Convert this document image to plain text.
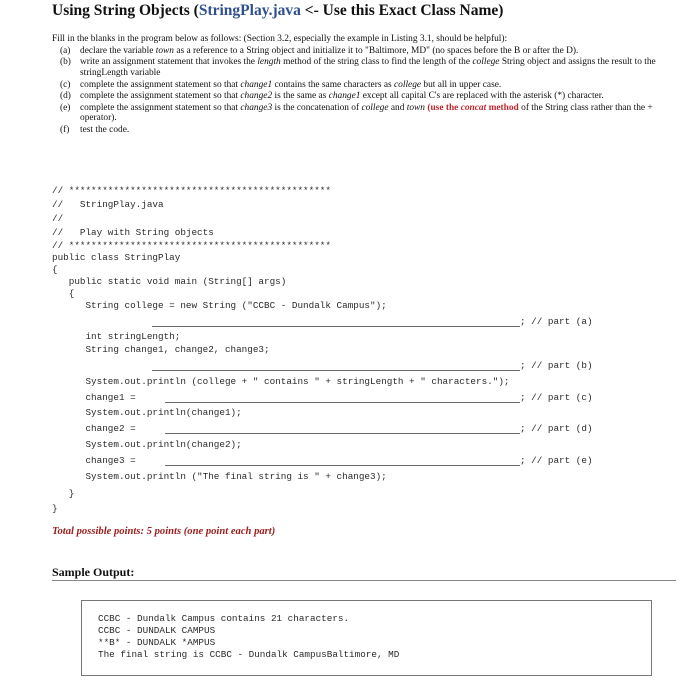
Using String Objects (StringPlay.java <- Use this Exact Class Name)
Fill in the blanks in the program below as follows: (Section 3.2, especially the example in Listing 3.1, should be helpful):
(a) declare the variable town as a reference to a String object and initialize it to "Baltimore, MD" (no spaces before the B or after the D).
(b) write an assignment statement that invokes the length method of the string class to find the length of the college String object and assigns the result to the stringLength variable
(c) complete the assignment statement so that change1 contains the same characters as college but all in upper case.
(d) complete the assignment statement so that change2 is the same as change1 except all capital C's are replaced with the asterisk (*) character.
(e) complete the assignment statement so that change3 is the concatenation of college and town (use the concat method of the String class rather than the + operator).
(f) test the code.
// ***********************************************
//   StringPlay.java
//
//   Play with String objects
// ***********************************************
public class StringPlay
{
public static void main (String[] args)
{
String college = new String ("CCBC - Dundalk Campus");
; // part (a)
int stringLength;
String change1, change2, change3;
; // part (b)
System.out.println (college + " contains " + stringLength + " characters.");
change1 =	; // part (c)
System.out.println(change1);
change2 =	; // part (d)
System.out.println(change2);
change3 =	; // part (e)
System.out.println ("The final string is " + change3);
}
}
Total possible points: 5 points (one point each part)
Sample Output:
CCBC - Dundalk Campus contains 21 characters.
CCBC - DUNDALK CAMPUS
**B* - DUNDALK *AMPUS
The final string is CCBC - Dundalk CampusBaltimore, MD
